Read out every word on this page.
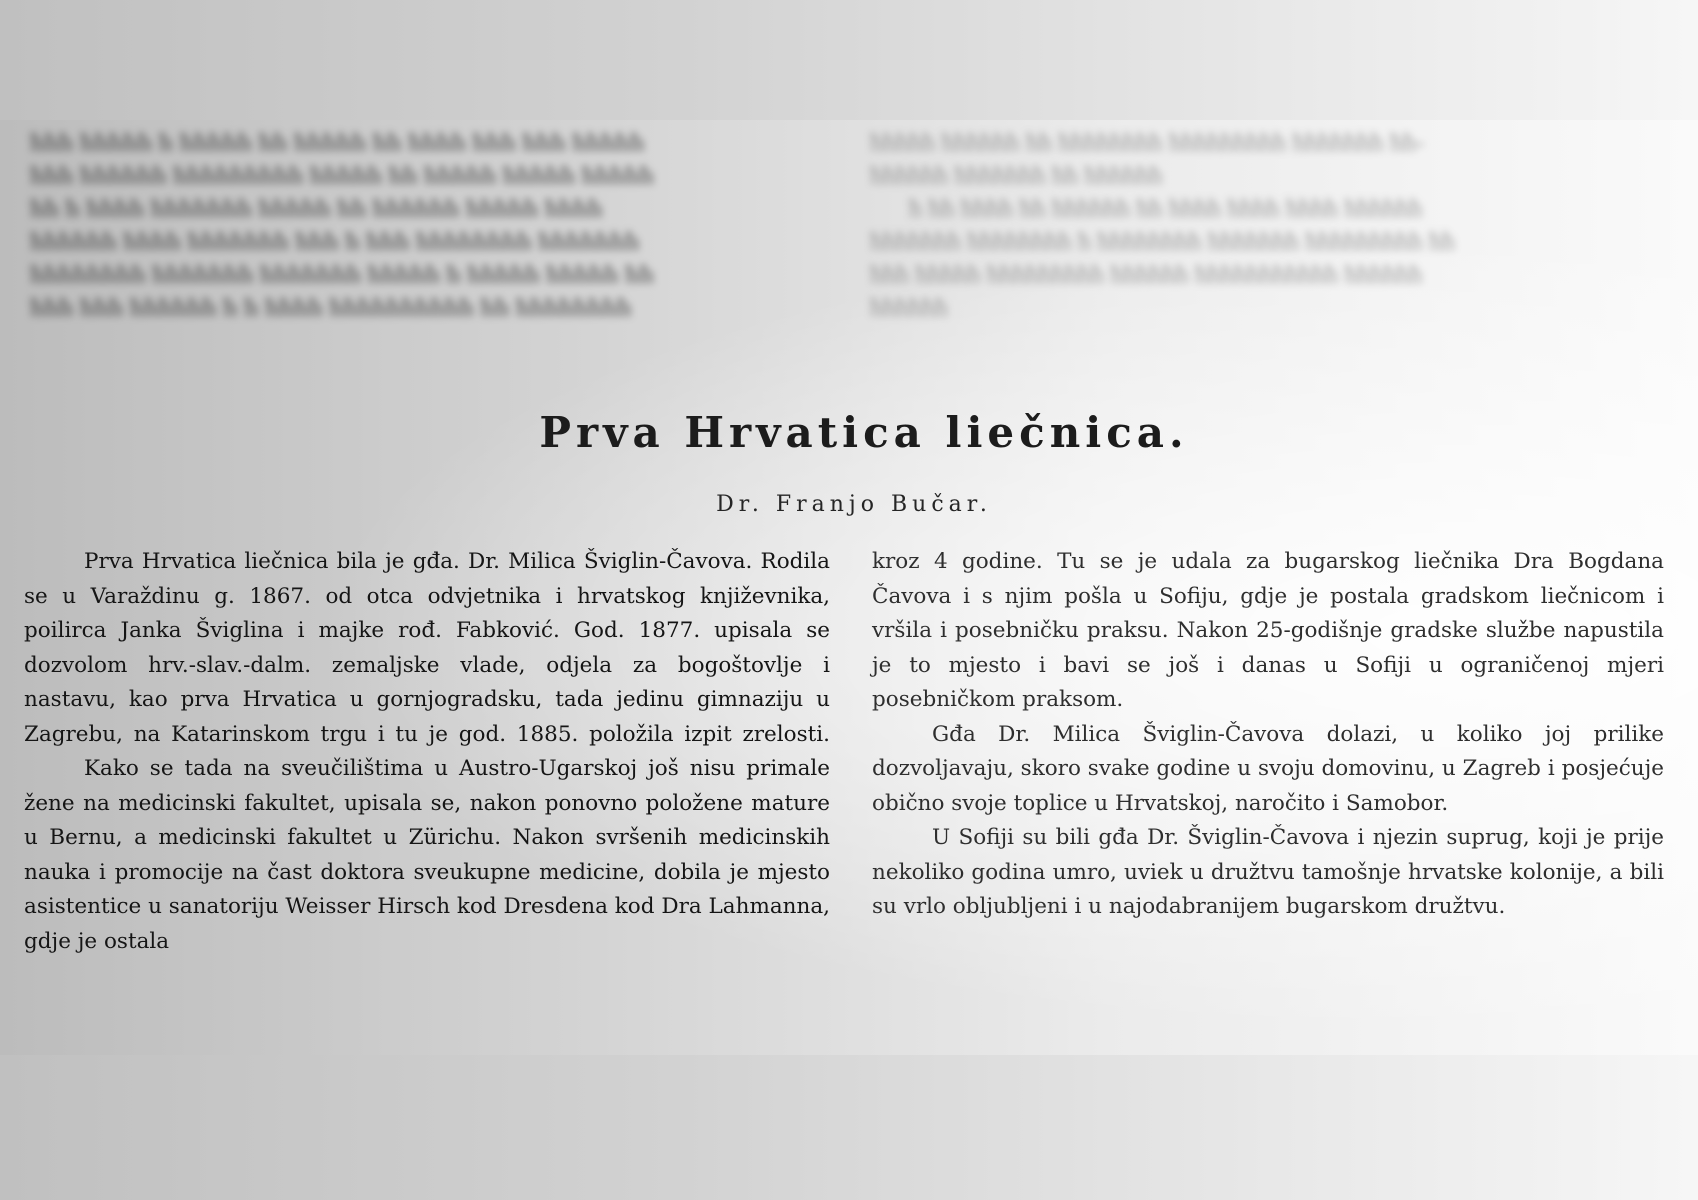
ħħħ ħħħħħ ħ ħħħħħ ħħ ħħħħħ ħħ ħħħħ ħħħ ħħħ ħħħħħ
ħħħ ħħħħħħ ħħħħħħħħħ ħħħħħ ħħ ħħħħħ ħħħħħ ħħħħħ
ħħ ħ ħħħħ ħħħħħħħ ħħħħħ ħħ ħħħħħħ ħħħħħ ħħħħ
ħħħħħħ ħħħħ ħħħħħħħ ħħħ ħ ħħħ ħħħħħħħħ ħħħħħħħ
ħħħħħħħħ ħħħħħħħ ħħħħħħħ ħħħħħ ħ ħħħħħ ħħħħħ ħħ
ħħħ ħħħ ħħħħħħ ħ ħ ħħħħ ħħħħħħħħħħ ħħ ħħħħħħħħ
ħħħħħ ħħħħħħ ħħ ħħħħħħħħ ħħħħħħħħħ ħħħħħħħ ħħ-
ħħħħħħ ħħħħħħħ ħħ ħħħħħħ
ħ ħħ ħħħħ ħħ ħħħħħħ ħħ ħħħħ ħħħħ ħħħħ ħħħħħħ
ħħħħħħħ ħħħħħħħħ ħ ħħħħħħħħ ħħħħħħħ ħħħħħħħħħ ħħ
ħħħ ħħħħħ ħħħħħħħħħ ħħħħħħ ħħħħħħħħħħħ ħħħħħħ
ħħħħħħ
Prva Hrvatica liečnica.
Dr. Franjo Bučar.

Prva Hrvatica liečnica bila je gđa. Dr. Milica Šviglin-Čavova. Rodila se u Varaždinu g. 1867. od otca odvjetnika i hrvatskog književnika, poilirca Janka Šviglina i majke rođ. Fabković. God. 1877. upisala se dozvolom hrv.-slav.-dalm. zemaljske vlade, odjela za bogoštovlje i nastavu, kao prva Hrvatica u gornjogradsku, tada jedinu gimnaziju u Zagrebu, na Katarinskom trgu i tu je god. 1885. položila izpit zrelosti.

Kako se tada na sveučilištima u Austro-Ugarskoj još nisu primale žene na medicinski fakultet, upisala se, nakon ponovno položene mature u Bernu, a medicinski fakultet u Zürichu. Nakon svršenih medicinskih nauka i promocije na čast doktora sveukupne medicine, dobila je mjesto asistentice u sanatoriju Weisser Hirsch kod Dresdena kod Dra Lahmanna, gdje je ostala

kroz 4 godine. Tu se je udala za bugarskog liečnika Dra Bogdana Čavova i s njim pošla u Sofiju, gdje je postala gradskom liečnicom i vršila i posebničku praksu. Nakon 25-godišnje gradske službe napustila je to mjesto i bavi se još i danas u Sofiji u ograničenoj mjeri posebničkom praksom.

Gđa Dr. Milica Šviglin-Čavova dolazi, u koliko joj prilike dozvoljavaju, skoro svake godine u svoju domovinu, u Zagreb i posjećuje obično svoje toplice u Hrvatskoj, naročito i Samobor.

U Sofiji su bili gđa Dr. Šviglin-Čavova i njezin suprug, koji je prije nekoliko godina umro, uviek u družtvu tamošnje hrvatske kolonije, a bili su vrlo obljubljeni i u najodabranijem bugarskom družtvu.
